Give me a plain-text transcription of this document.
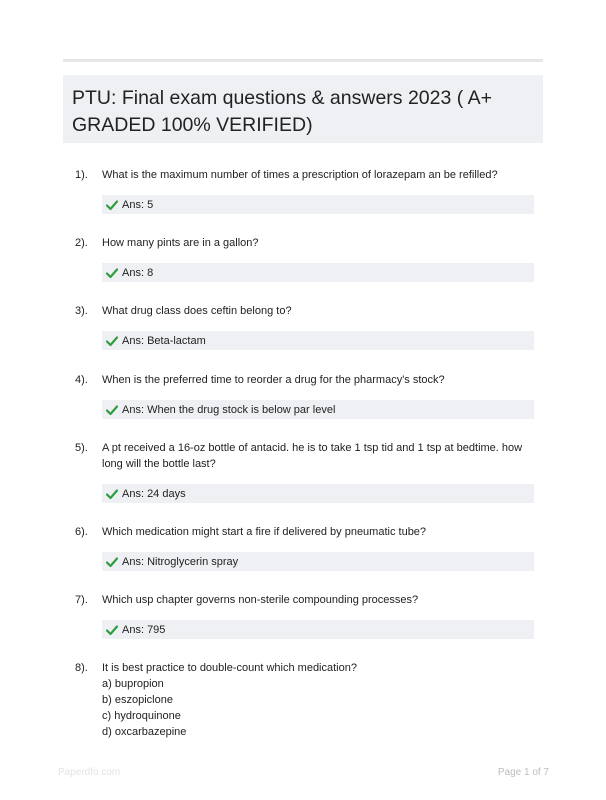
PTU: Final exam questions & answers 2023 ( A+ GRADED 100% VERIFIED)
1). What is the maximum number of times a prescription of lorazepam an be refilled?
Ans: 5
2). How many pints are in a gallon?
Ans: 8
3). What drug class does ceftin belong to?
Ans: Beta-lactam
4). When is the preferred time to reorder a drug for the pharmacy's stock?
Ans: When the drug stock is below par level
5). A pt received a 16-oz bottle of antacid. he is to take 1 tsp tid and 1 tsp at bedtime. how long will the bottle last?
Ans: 24 days
6). Which medication might start a fire if delivered by pneumatic tube?
Ans: Nitroglycerin spray
7). Which usp chapter governs non-sterile compounding processes?
Ans: 795
8). It is best practice to double-count which medication?
a) bupropion
b) eszopiclone
c) hydroquinone
d) oxcarbazepine
Paperdfo.com	Page 1 of 7
